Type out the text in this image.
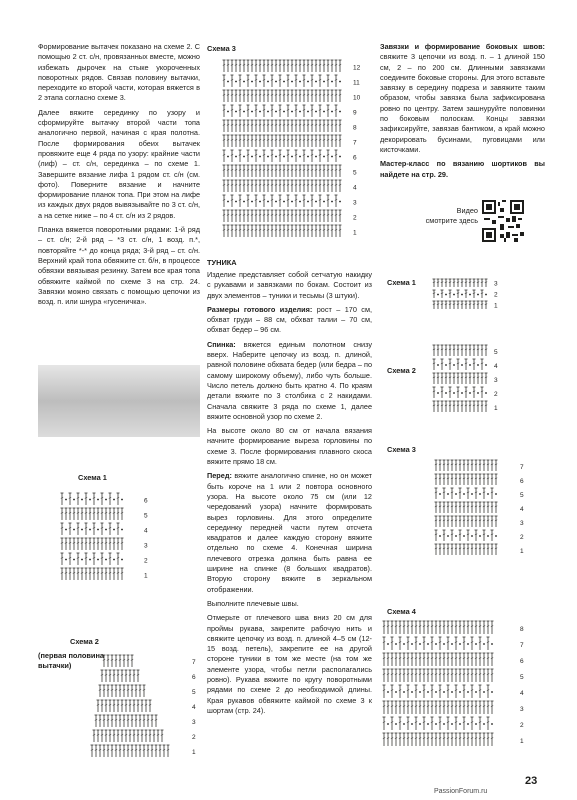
Формирование вытачек показано на схеме 2. С помощью 2 ст. с/н, провязанных вместе, можно избежать дырочек на стыке укороченных поворотных рядов. Связав половину вытачки, переходите ко второй части, которая вяжется в 2 этапа согласно схеме 3.

Далее вяжите серединку по узору и сформируйте вытачку второй части топа аналогично первой, начиная с края полотна. После формирования обеих вытачек провяжите еще 4 ряда по узору: крайние части (лиф) – ст. с/н, серединка – по схеме 1. Завершите вязание лифа 1 рядом ст. с/н (см. фото). Поверните вязание и начните формирование планок топа. При этом на лифе из каждых двух рядов вывязывайте по 3 ст. с/н, а на сетке ниже – по 4 ст. с/н из 2 рядов.

Планка вяжется поворотными рядами: 1-й ряд – ст. с/н; 2-й ряд – *3 ст. с/н, 1 возд. п.*, повторяйте *-* до конца ряда; 3-й ряд – ст. с/н. Верхний край топа обвяжите ст. б/н, в процессе обвязки ввязывая резинку. Затем все края топа обвяжите каймой по схеме 3 на стр. 24. Завязки можно связать с помощью цепочки из возд. п. или шнура «гусеничка».

Схема 1
1
2
3
4
5
6
Схема 2
(первая половина вытачки)
1
2
3
4
5
6
7
Схема 3
1
2
3
4
5
6
7
8
9
10
11
12
ТУНИКА

Изделие представляет собой сетчатую накидку с рукавами и завязками по бокам. Состоит из двух элементов – туники и тесьмы (3 штуки).

Размеры готового изделия: рост – 170 см, обхват груди – 88 см, обхват талии – 70 см, обхват бедер – 96 см.

Спинка: вяжется единым полотном снизу вверх. Наберите цепочку из возд. п. длиной, равной половине обхвата бедер (или бедра – по самому широкому объему), либо чуть больше. Число петель должно быть кратно 4. По краям детали вяжите по 3 столбика с 2 накидами. Сначала свяжите 3 ряда по схеме 1, далее вяжите основной узор по схеме 2.

На высоте около 80 см от начала вязания начните формирование выреза горловины по схеме 3. После формирования плавного скоса вяжите прямо 18 см.

Перед: вяжите аналогично спинке, но он может быть короче на 1 или 2 повтора основного узора. На высоте около 75 см (или 12 чередований узора) начните формировать вырез горловины. Для этого определите серединку передней части путем отсчета квадратов и далее каждую сторону вяжите отдельно по схеме 4. Конечная ширина плечевого отрезка должна быть равна ее ширине на спинке (8 больших квадратов). Вторую сторону вяжите в зеркальном отображении.

Выполните плечевые швы.

Отмерьте от плечевого шва вниз 20 см для проймы рукава, закрепите рабочую нить и свяжите цепочку из возд. п. длиной 4–5 см (12-15 возд. петель), закрепите ее на другой стороне туники в том же месте (на том же элементе узора, чтобы петли располагались ровно). Рукава вяжите по кругу поворотными рядами по схеме 2 до необходимой длины. Края рукавов обвяжите каймой по схеме 3 к шортам (стр. 24).

Завязки и формирование боковых швов: свяжите 3 цепочки из возд. п. – 1 длиной 150 см, 2 – по 200 см. Длинными завязками соедините боковые стороны. Для этого вставьте завязку в середину подреза и завяжите таким образом, чтобы завязка была зафиксирована ровно по центру. Затем зашнуруйте половинки по боковым полоскам. Концы завязки зафиксируйте, завязав бантиком, а край можно декорировать бусинами, пуговицами или кисточками.

Мастер-класс по вязанию шортиков вы найдете на стр. 29.

Видео
смотрите здесь
Схема 1
1
2
3
Схема 2
1
2
3
4
5
Схема 3
1
2
3
4
5
6
7
Схема 4
1
2
3
4
5
6
7
8
23
PassionForum.ru
